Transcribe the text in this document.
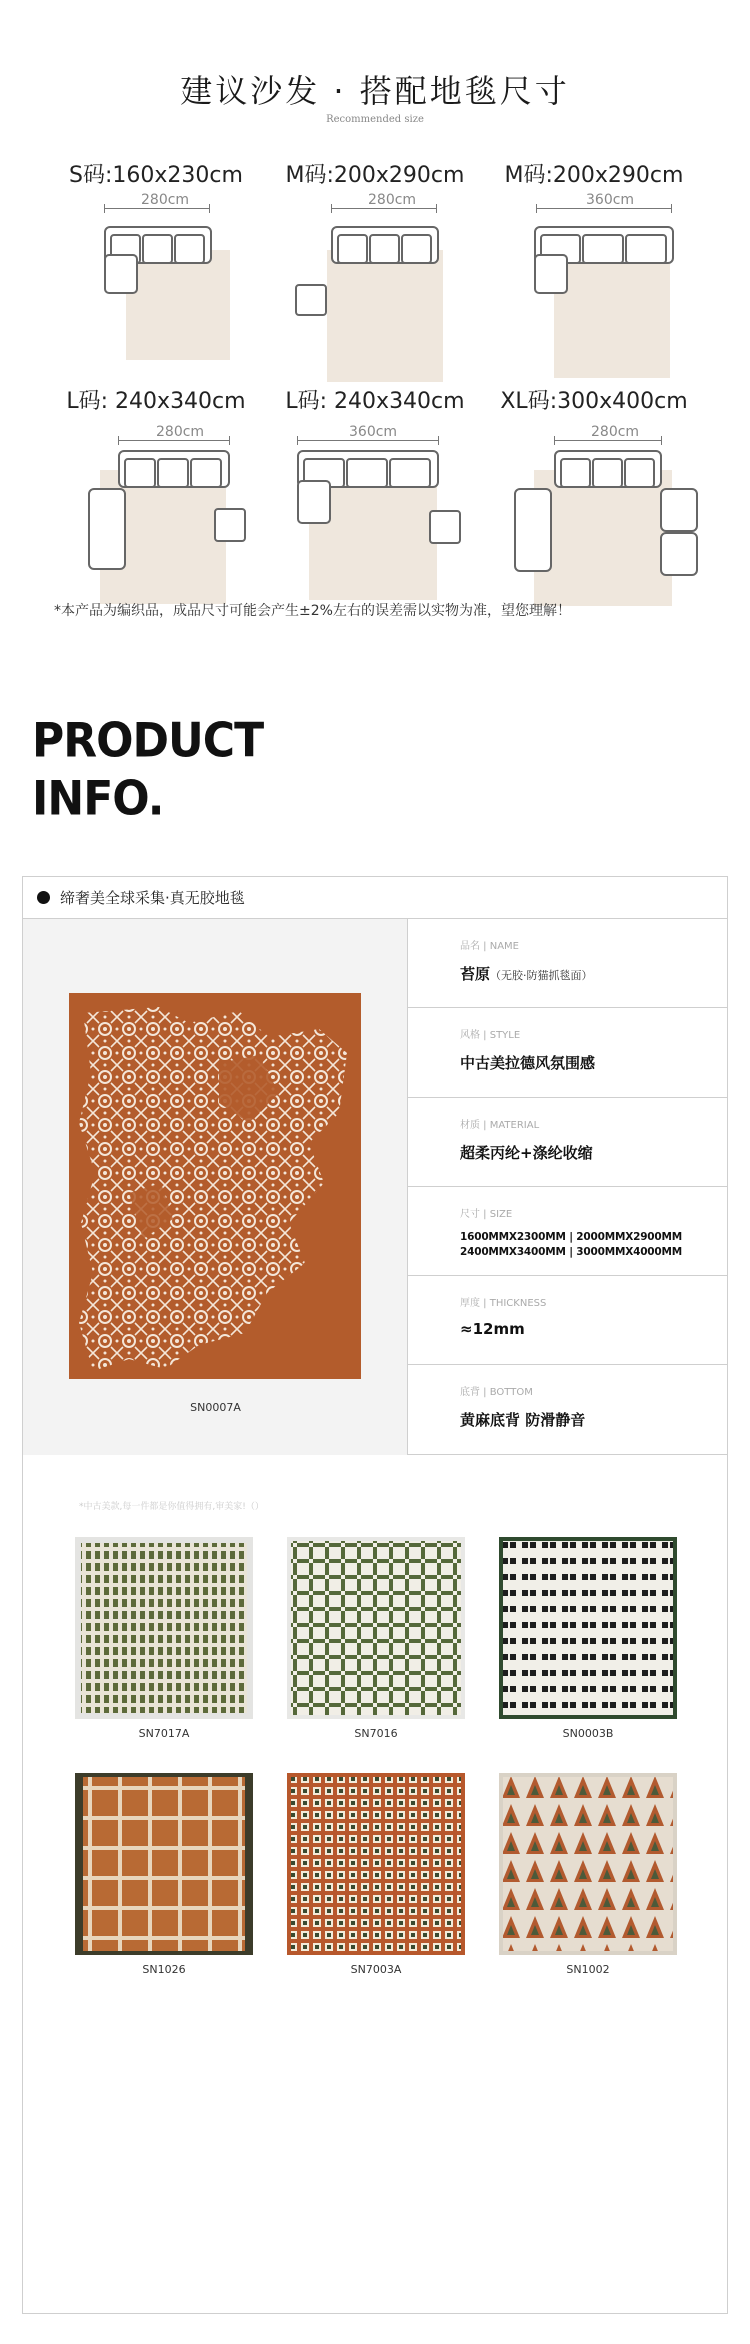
建议沙发 · 搭配地毯尺寸
Recommended size
S码:160x230cm
280cm
M码:200x290cm
280cm
M码:200x290cm
360cm
L码: 240x340cm
280cm
L码: 240x340cm
360cm
XL码:300x400cm
280cm
*本产品为编织品，成品尺寸可能会产生±2%左右的误差需以实物为准，望您理解！
PRODUCT
INFO.
缔奢美全球采集·真无胶地毯
SN0007A
品名 | NAME
苔原（无胶·防猫抓毯面）
风格 | STYLE
中古美拉德风氛围感
材质 | MATERIAL
超柔丙纶+涤纶收缩
尺寸 | SIZE
1600MMX2300MM | 2000MMX2900MM
2400MMX3400MM | 3000MMX4000MM
厚度 | THICKNESS
≈12mm
底背 | BOTTOM
黄麻底背 防滑静音
*中古美款,每一件都是你值得拥有,审美家!（）
SN7017A	SN7016	SN0003B
SN1026	SN7003A	SN1002
